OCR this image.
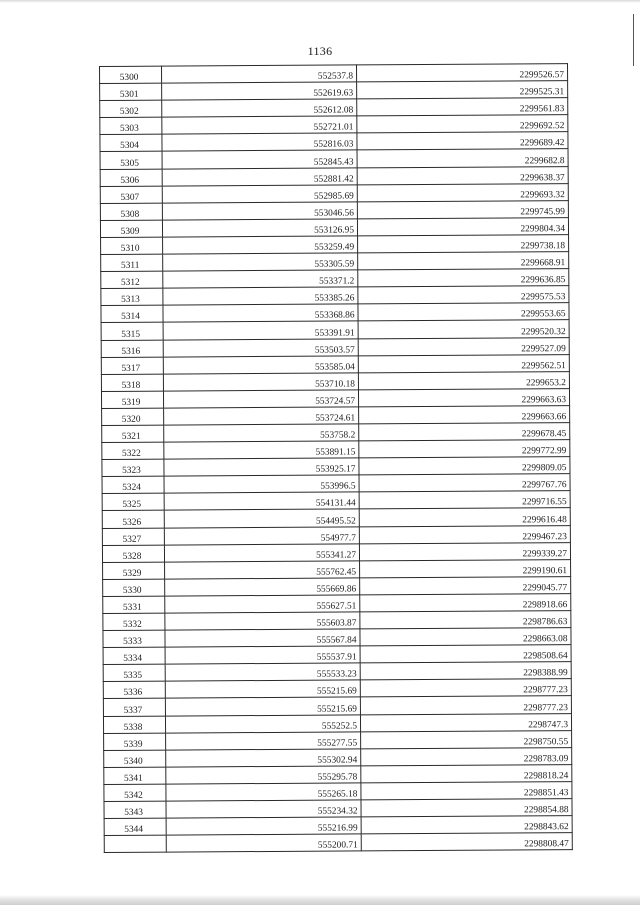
1136
5300	552537.8	2299526.57
5301	552619.63	2299525.31
5302	552612.08	2299561.83
5303	552721.01	2299692.52
5304	552816.03	2299689.42
5305	552845.43	2299682.8
5306	552881.42	2299638.37
5307	552985.69	2299693.32
5308	553046.56	2299745.99
5309	553126.95	2299804.34
5310	553259.49	2299738.18
5311	553305.59	2299668.91
5312	553371.2	2299636.85
5313	553385.26	2299575.53
5314	553368.86	2299553.65
5315	553391.91	2299520.32
5316	553503.57	2299527.09
5317	553585.04	2299562.51
5318	553710.18	2299653.2
5319	553724.57	2299663.63
5320	553724.61	2299663.66
5321	553758.2	2299678.45
5322	553891.15	2299772.99
5323	553925.17	2299809.05
5324	553996.5	2299767.76
5325	554131.44	2299716.55
5326	554495.52	2299616.48
5327	554977.7	2299467.23
5328	555341.27	2299339.27
5329	555762.45	2299190.61
5330	555669.86	2299045.77
5331	555627.51	2298918.66
5332	555603.87	2298786.63
5333	555567.84	2298663.08
5334	555537.91	2298508.64
5335	555533.23	2298388.99
5336	555215.69	2298777.23
5337	555215.69	2298777.23
5338	555252.5	2298747.3
5339	555277.55	2298750.55
5340	555302.94	2298783.09
5341	555295.78	2298818.24
5342	555265.18	2298851.43
5343	555234.32	2298854.88
5344	555216.99	2298843.62
	555200.71	2298808.47
